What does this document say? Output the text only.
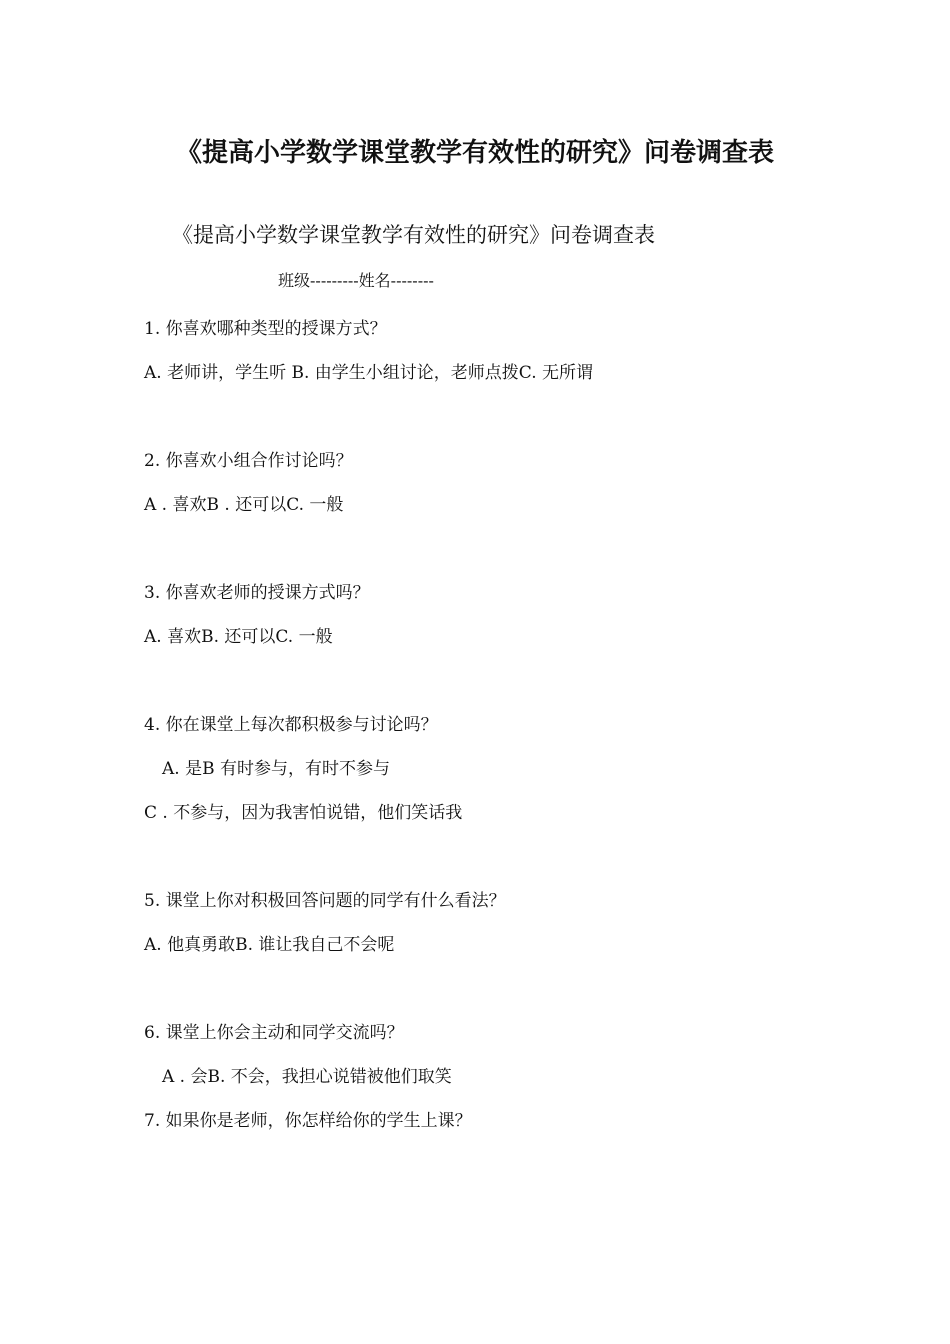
《提高小学数学课堂教学有效性的研究》问卷调查表
《提高小学数学课堂教学有效性的研究》问卷调查表
班级---------姓名--------
1. 你喜欢哪种类型的授课方式？
A. 老师讲，学生听 B. 由学生小组讨论，老师点拨C. 无所谓
2. 你喜欢小组合作讨论吗？
A . 喜欢B . 还可以C. 一般
3. 你喜欢老师的授课方式吗？
A. 喜欢B. 还可以C. 一般
4. 你在课堂上每次都积极参与讨论吗？
A. 是B 有时参与，有时不参与
C . 不参与，因为我害怕说错，他们笑话我
5. 课堂上你对积极回答问题的同学有什么看法？
A. 他真勇敢B. 谁让我自己不会呢
6. 课堂上你会主动和同学交流吗？
A . 会B. 不会，我担心说错被他们取笑
7. 如果你是老师，你怎样给你的学生上课？
